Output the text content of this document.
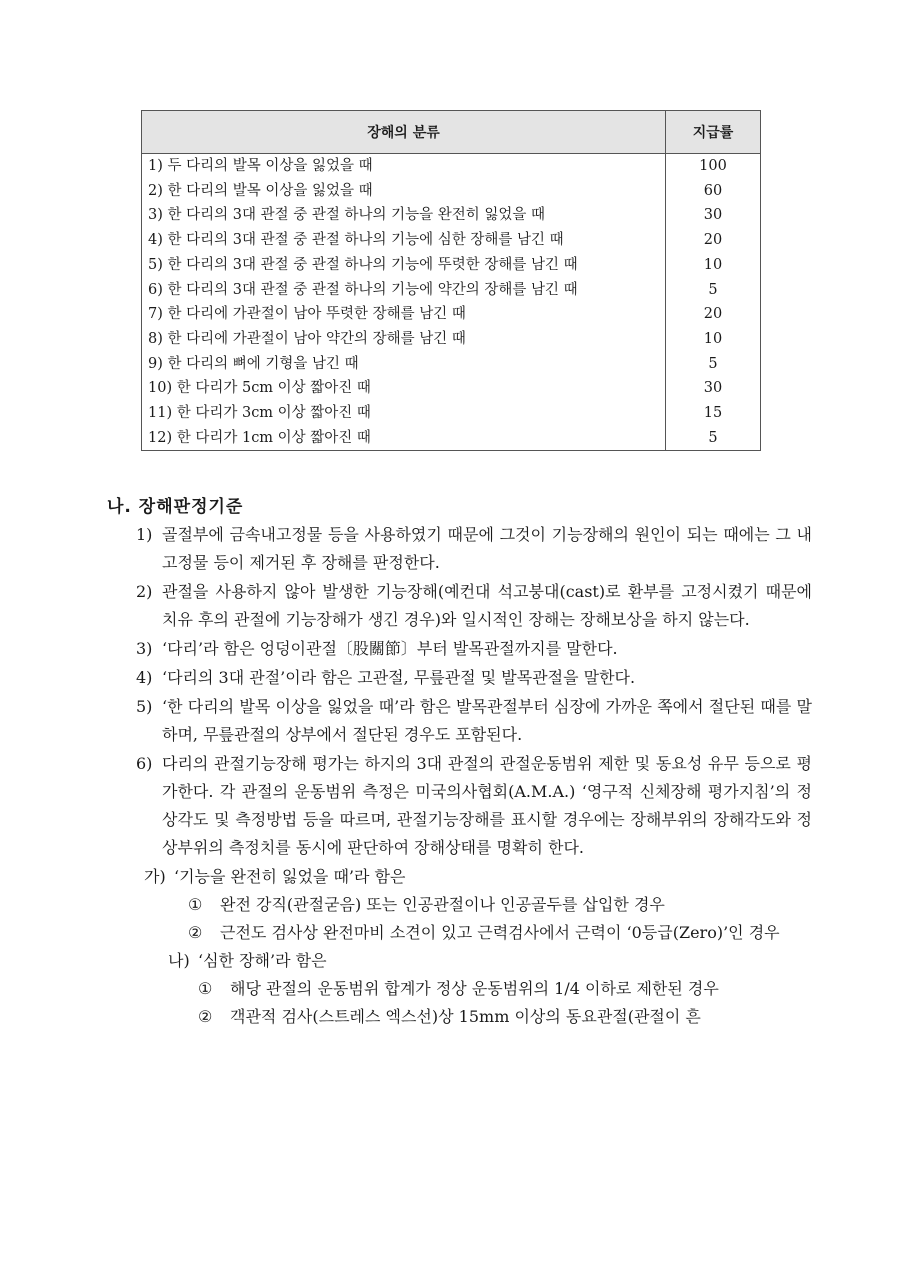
장해의 분류	지급률
1) 두 다리의 발목 이상을 잃었을 때	100
2) 한 다리의 발목 이상을 잃었을 때	60
3) 한 다리의 3대 관절 중 관절 하나의 기능을 완전히 잃었을 때	30
4) 한 다리의 3대 관절 중 관절 하나의 기능에 심한 장해를 남긴 때	20
5) 한 다리의 3대 관절 중 관절 하나의 기능에 뚜렷한 장해를 남긴 때	10
6) 한 다리의 3대 관절 중 관절 하나의 기능에 약간의 장해를 남긴 때	5
7) 한 다리에 가관절이 남아 뚜렷한 장해를 남긴 때	20
8) 한 다리에 가관절이 남아 약간의 장해를 남긴 때	10
9) 한 다리의 뼈에 기형을 남긴 때	5
10) 한 다리가 5cm 이상 짧아진 때	30
11) 한 다리가 3cm 이상 짧아진 때	15
12) 한 다리가 1cm 이상 짧아진 때	5
나. 장해판정기준
1) 골절부에 금속내고정물 등을 사용하였기 때문에 그것이 기능장해의 원인이 되는 때에는 그 내고정물 등이 제거된 후 장해를 판정한다.
2) 관절을 사용하지 않아 발생한 기능장해(예컨대 석고붕대(cast)로 환부를 고정시켰기 때문에 치유 후의 관절에 기능장해가 생긴 경우)와 일시적인 장해는 장해보상을 하지 않는다.
3) ‘다리’라 함은 엉덩이관절〔股關節〕부터 발목관절까지를 말한다.
4) ‘다리의 3대 관절’이라 함은 고관절, 무릎관절 및 발목관절을 말한다.
5) ‘한 다리의 발목 이상을 잃었을 때’라 함은 발목관절부터 심장에 가까운 쪽에서 절단된 때를 말하며, 무릎관절의 상부에서 절단된 경우도 포함된다.
6) 다리의 관절기능장해 평가는 하지의 3대 관절의 관절운동범위 제한 및 동요성 유무 등으로 평가한다. 각 관절의 운동범위 측정은 미국의사협회(A.M.A.) ‘영구적 신체장해 평가지침’의 정상각도 및 측정방법 등을 따르며, 관절기능장해를 표시할 경우에는 장해부위의 장해각도와 정상부위의 측정치를 동시에 판단하여 장해상태를 명확히 한다.
가) ‘기능을 완전히 잃었을 때’라 함은
① 완전 강직(관절굳음) 또는 인공관절이나 인공골두를 삽입한 경우
② 근전도 검사상 완전마비 소견이 있고 근력검사에서 근력이 ‘0등급(Zero)’인 경우
나) ‘심한 장해’라 함은
① 해당 관절의 운동범위 합계가 정상 운동범위의 1/4 이하로 제한된 경우
② 객관적 검사(스트레스 엑스선)상 15mm 이상의 동요관절(관절이 흔
